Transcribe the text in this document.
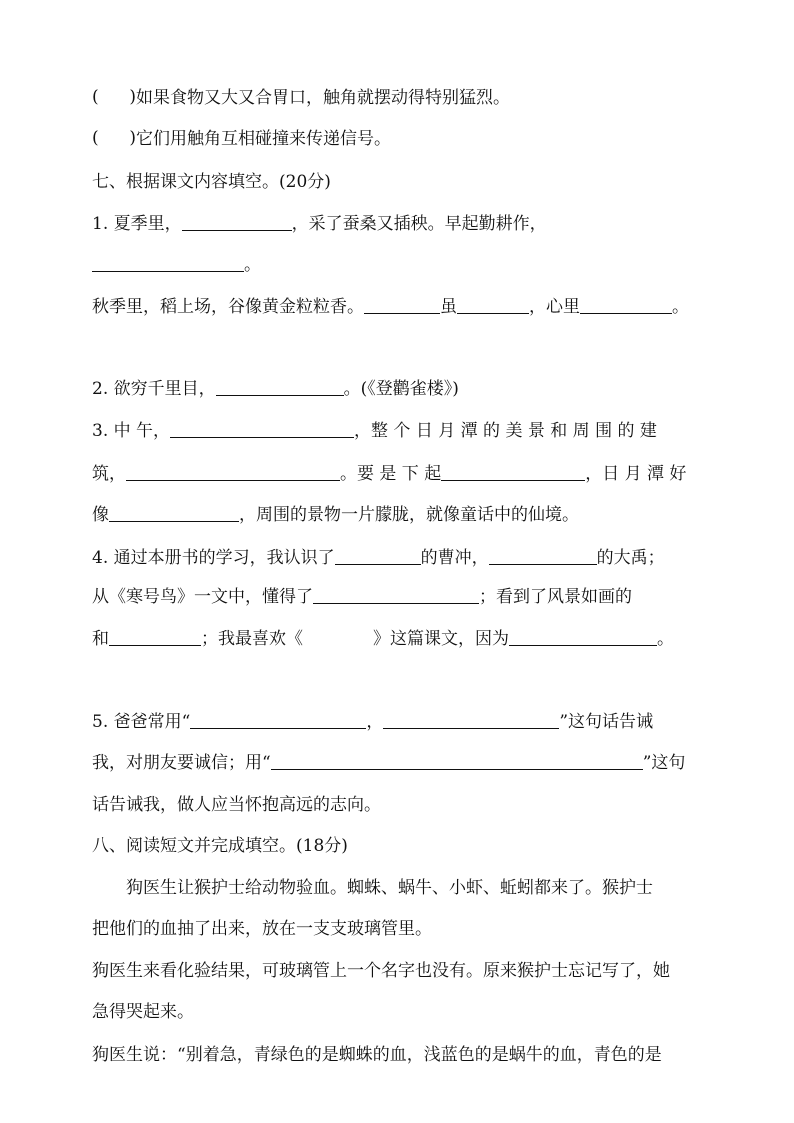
( ) 如果食物又大又合胃口，触角就摆动得特别猛烈。
( ) 它们用触角互相碰撞来传递信号。
七、根据课文内容填空。(20分)
1. 夏季里，	，采了蚕桑又插秧。早起勤耕作，
。
秋季里，稻上场，谷像黄金粒粒香。	虽	，心里	。
2. 欲穷千里目，	。(《登鹳雀楼》)
3. 中 午，	，整 个 日 月 潭 的 美 景 和 周 围 的 建
筑，	。要 是 下 起	，日 月 潭 好
像	，周围的景物一片朦胧，就像童话中的仙境。
4. 通过本册书的学习，我认识了	的曹冲，	的大禹；
从《寒号鸟》一文中，懂得了	；看到了风景如画的
和	；我最喜欢《	》这篇课文，因为	。
5. 爸爸常用“	，	”这句话告诫
我，对朋友要诚信；用“	”这句
话告诫我，做人应当怀抱高远的志向。
八、阅读短文并完成填空。(18分)
狗医生让猴护士给动物验血。蜘蛛、蜗牛、小虾、蚯蚓都来了。猴护士
把他们的血抽了出来，放在一支支玻璃管里。
狗医生来看化验结果，可玻璃管上一个名字也没有。原来猴护士忘记写了，她
急得哭起来。
狗医生说：“别着急，青绿色的是蜘蛛的血，浅蓝色的是蜗牛的血，青色的是
